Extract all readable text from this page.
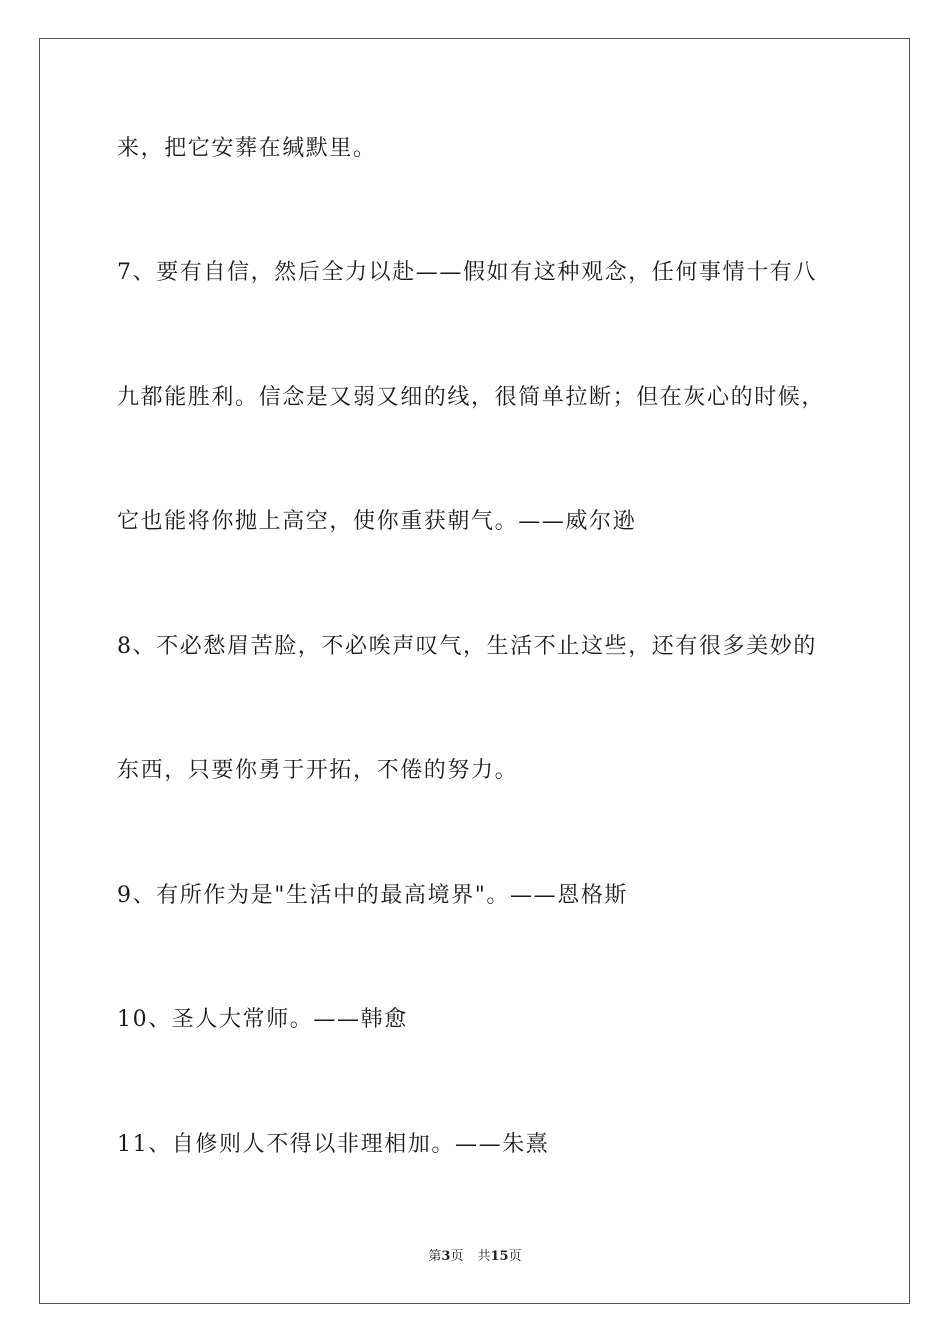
来，把它安葬在缄默里。
7、要有自信，然后全力以赴——假如有这种观念，任何事情十有八
九都能胜利。信念是又弱又细的线，很简单拉断；但在灰心的时候，
它也能将你抛上高空，使你重获朝气。——威尔逊
8、不必愁眉苦脸，不必唉声叹气，生活不止这些，还有很多美妙的
东西，只要你勇于开拓，不倦的努力。
9、有所作为是"生活中的最高境界"。——恩格斯
10、圣人大常师。——韩愈
11、自修则人不得以非理相加。——朱熹
第3页 共15页
